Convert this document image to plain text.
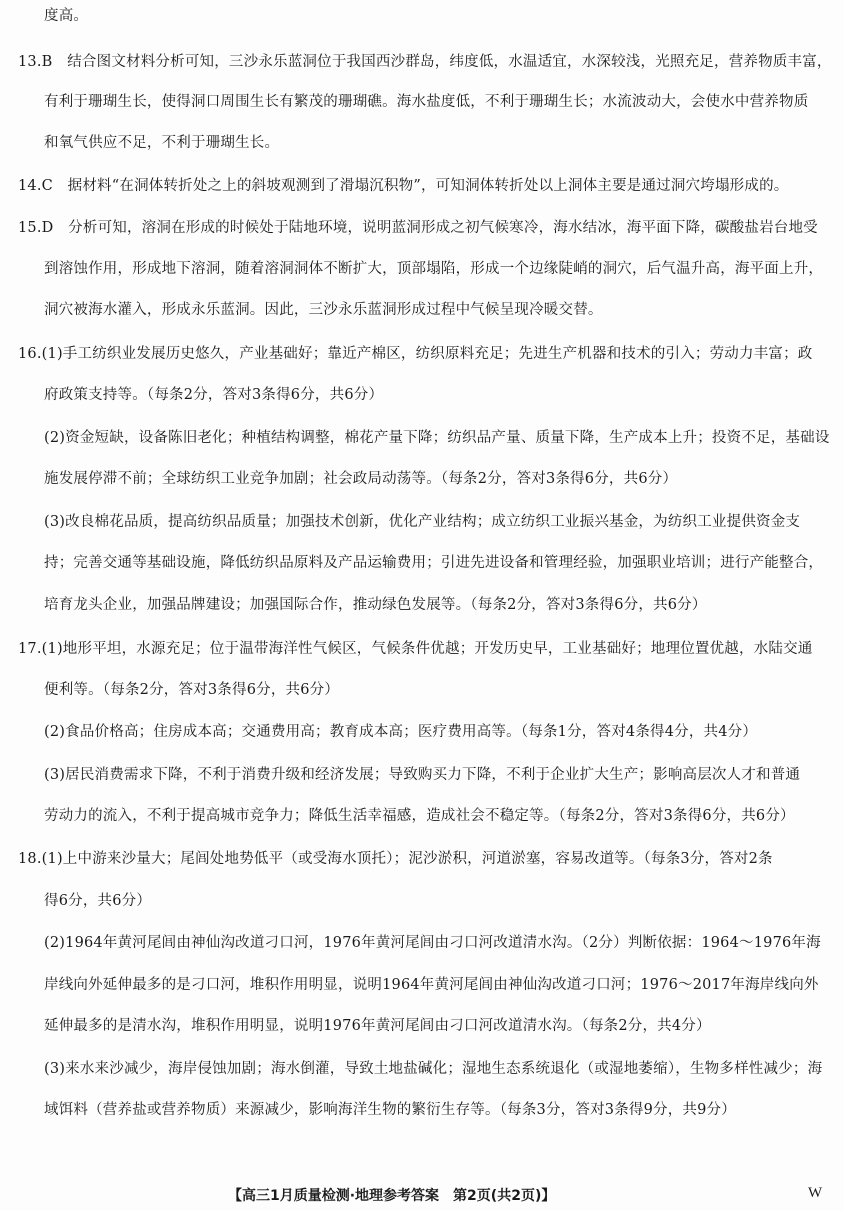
度高。
13.B　结合图文材料分析可知，三沙永乐蓝洞位于我国西沙群岛，纬度低，水温适宜，水深较浅，光照充足，营养物质丰富，
有利于珊瑚生长，使得洞口周围生长有繁茂的珊瑚礁。海水盐度低，不利于珊瑚生长；水流波动大，会使水中营养物质
和氧气供应不足，不利于珊瑚生长。
14.C　据材料“在洞体转折处之上的斜坡观测到了滑塌沉积物”，可知洞体转折处以上洞体主要是通过洞穴垮塌形成的。
15.D　分析可知，溶洞在形成的时候处于陆地环境，说明蓝洞形成之初气候寒冷，海水结冰，海平面下降，碳酸盐岩台地受
到溶蚀作用，形成地下溶洞，随着溶洞洞体不断扩大，顶部塌陷，形成一个边缘陡峭的洞穴，后气温升高，海平面上升，
洞穴被海水灌入，形成永乐蓝洞。因此，三沙永乐蓝洞形成过程中气候呈现冷暖交替。
16.(1)手工纺织业发展历史悠久，产业基础好；靠近产棉区，纺织原料充足；先进生产机器和技术的引入；劳动力丰富；政
府政策支持等。（每条2分，答对3条得6分，共6分）
(2)资金短缺，设备陈旧老化；种植结构调整，棉花产量下降；纺织品产量、质量下降，生产成本上升；投资不足，基础设
施发展停滞不前；全球纺织工业竞争加剧；社会政局动荡等。（每条2分，答对3条得6分，共6分）
(3)改良棉花品质，提高纺织品质量；加强技术创新，优化产业结构；成立纺织工业振兴基金，为纺织工业提供资金支
持；完善交通等基础设施，降低纺织品原料及产品运输费用；引进先进设备和管理经验，加强职业培训；进行产能整合，
培育龙头企业，加强品牌建设；加强国际合作，推动绿色发展等。（每条2分，答对3条得6分，共6分）
17.(1)地形平坦，水源充足；位于温带海洋性气候区，气候条件优越；开发历史早，工业基础好；地理位置优越，水陆交通
便利等。（每条2分，答对3条得6分，共6分）
(2)食品价格高；住房成本高；交通费用高；教育成本高；医疗费用高等。（每条1分，答对4条得4分，共4分）
(3)居民消费需求下降，不利于消费升级和经济发展；导致购买力下降，不利于企业扩大生产；影响高层次人才和普通
劳动力的流入，不利于提高城市竞争力；降低生活幸福感，造成社会不稳定等。（每条2分，答对3条得6分，共6分）
18.(1)上中游来沙量大；尾闾处地势低平（或受海水顶托）；泥沙淤积，河道淤塞，容易改道等。（每条3分，答对2条
得6分，共6分）
(2)1964年黄河尾闾由神仙沟改道刁口河，1976年黄河尾闾由刁口河改道清水沟。（2分）判断依据：1964～1976年海
岸线向外延伸最多的是刁口河，堆积作用明显，说明1964年黄河尾闾由神仙沟改道刁口河；1976～2017年海岸线向外
延伸最多的是清水沟，堆积作用明显，说明1976年黄河尾闾由刁口河改道清水沟。（每条2分，共4分）
(3)来水来沙减少，海岸侵蚀加剧；海水倒灌，导致土地盐碱化；湿地生态系统退化（或湿地萎缩），生物多样性减少；海
域饵料（营养盐或营养物质）来源减少，影响海洋生物的繁衍生存等。（每条3分，答对3条得9分，共9分）
【高三1月质量检测·地理参考答案　第2页(共2页)】	W
